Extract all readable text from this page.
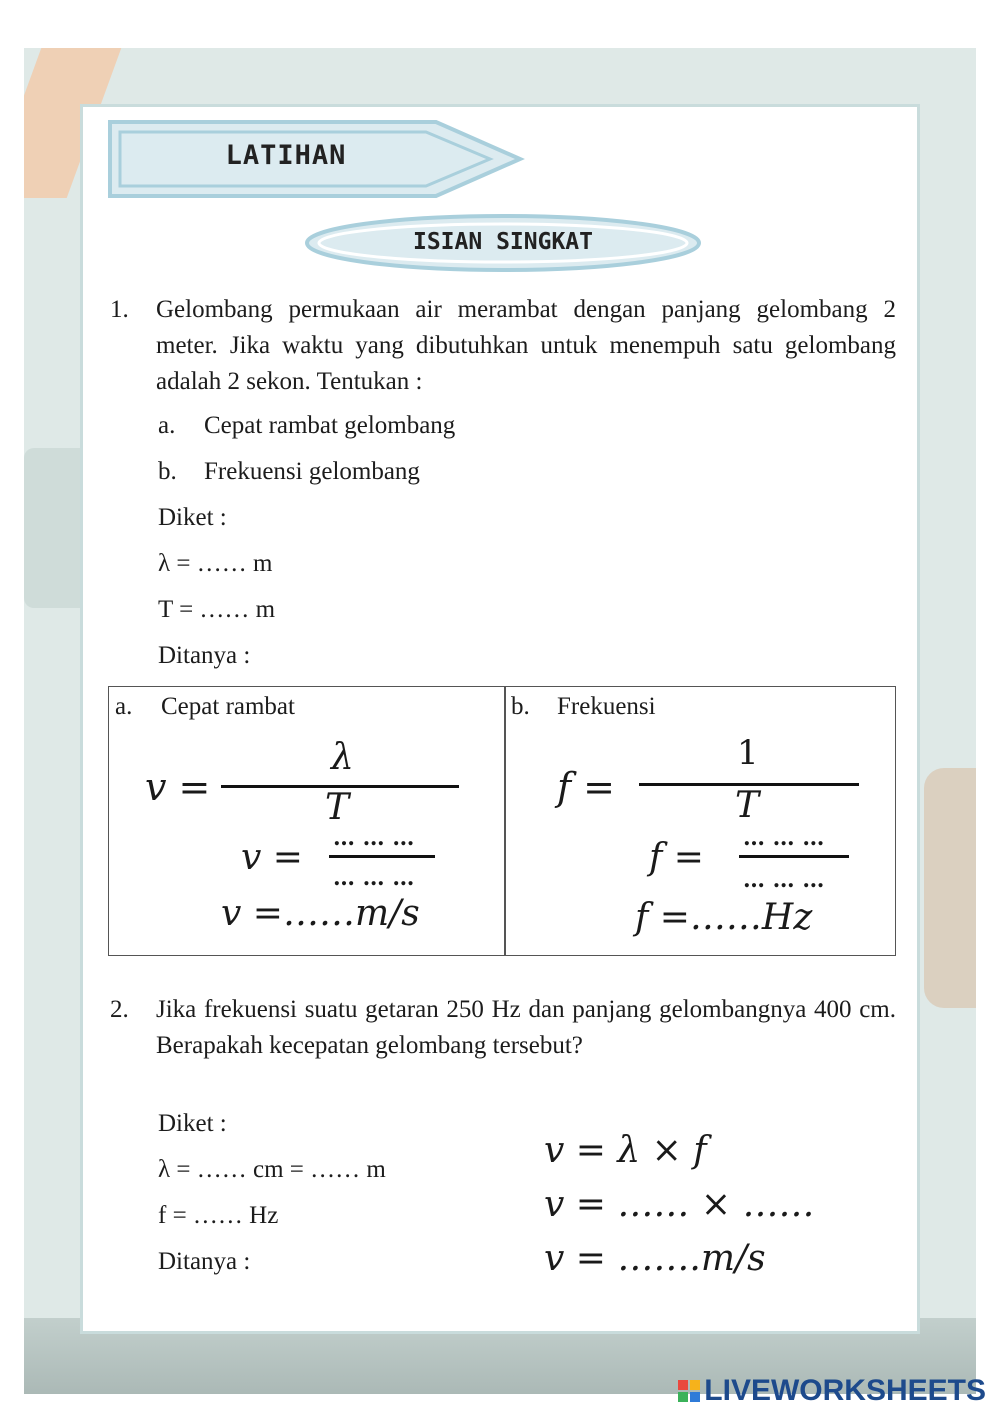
LATIHAN
ISIAN SINGKAT
1. Gelombang permukaan air merambat dengan panjang gelombang 2 meter. Jika waktu yang dibutuhkan untuk menempuh satu gelombang adalah 2 sekon. Tentukan :
a. Cepat rambat gelombang
b. Frekuensi gelombang
Diket :
λ = …… m
T = …… m
Ditanya :
a. Cepat rambat	b. Frekuensi
v =
λ
T
v = … … …
… … …
v =……m/s
f =
1
T
f = … … …
… … …
f =……Hz
2. Jika frekuensi suatu getaran 250 Hz dan panjang gelombangnya 400 cm. Berapakah kecepatan gelombang tersebut?
Diket :
λ = …… cm = …… m
f = …… Hz
Ditanya :
v = λ × f
v = …… × ……
v = …….m/s
LIVEWORKSHEETS
